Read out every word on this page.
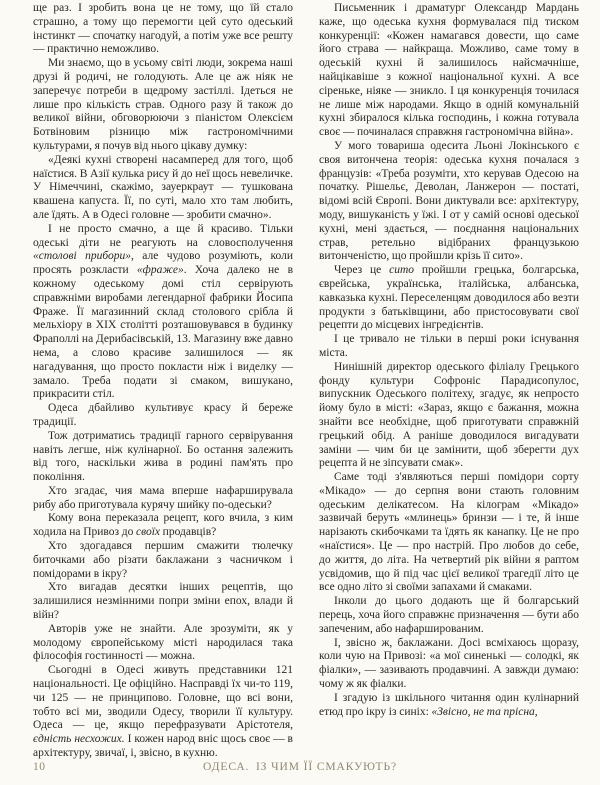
ще раз. І зробить вона це не тому, що їй стало страшно, а тому що перемогти цей суто одеський інстинкт — спочатку нагодуй, а потім уже все решту — практично неможливо.

Ми знаємо, що в усьому світі люди, зокрема наші друзі й родичі, не голодують. Але це аж ніяк не заперечує потреби в щедрому застіллі. Ідеться не лише про кількість страв. Одного разу й також до великої війни, обговорюючи з піаністом Олексієм Ботвіновим різницю між гастрономічними культурами, я почув від нього цікаву думку:

«Деякі кухні створені насамперед для того, щоб наїстися. В Азії кулька рису й до неї щось невеличке. У Німеччині, скажімо, зауеркраут — тушкована квашена капуста. Її, по суті, мало хто там любить, але їдять. А в Одесі головне — зробити смачно».

І не просто смачно, а ще й красиво. Тільки одеські діти не реагують на словосполучення «столові прибори», але чудово розуміють, коли просять розкласти «фраже». Хоча далеко не в кожному одеському домі стіл сервірують справжніми виробами легендарної фабрики Йосипа Фраже. Її магазинний склад столового срібла й мельхіору в XIX столітті розташовувався в будинку Фраполлі на Дерибасівській, 13. Магазину вже давно нема, а слово красиве залишилося — як нагадування, що просто покласти ніж і виделку — замало. Треба подати зі смаком, вишукано, прикрасити стіл.

Одеса дбайливо культивує красу й береже традиції.

Тож дотриматись традиції гарного сервірування навіть легше, ніж кулінарної. Бо остання залежить від того, наскільки жива в родині пам'ять про покоління.

Хто згадає, чия мама вперше нафарширувала рибу або приготувала курячу шийку по-одеськи?

Кому вона переказала рецепт, кого вчила, з ким ходила на Привоз до своїх продавців?

Хто здогадався першим смажити тюлечку биточками або різати баклажани з часничком і помідорами в ікру?

Хто вигадав десятки інших рецептів, що залишилися незмінними попри зміни епох, влади й війн?

Авторів уже не знайти. Але зрозуміти, як у молодому європейському місті народилася така філософія гостинності — можна.

Сьогодні в Одесі живуть представники 121 національності. Це офіційно. Насправді їх чи-то 119, чи 125 — не принципово. Головне, що всі вони, тобто всі ми, зводили Одесу, творили її культуру. Одеса — це, якщо перефразувати Арістотеля, єдність несхожих. І кожен народ вніс щось своє — в архітектуру, звичаї, і, звісно, в кухню.

Письменник і драматург Олександр Мардань каже, що одеська кухня формувалася під тиском конкуренції: «Кожен намагався довести, що саме його страва — найкраща. Можливо, саме тому в одеській кухні й залишилось найсмачніше, найцікавіше з кожної національної кухні. А все сіреньке, ніяке — зникло. І ця конкуренція точилася не лише між народами. Якщо в одній комунальній кухні збиралося кілька господинь, і кожна готувала своє — починалася справжня гастрономічна війна».

У мого товариша одесита Льоні Локінського є своя витончена теорія: одеська кухня почалася з французів: «Треба розуміти, хто керував Одесою на початку. Рішельє, Деволан, Ланжерон — постаті, відомі всій Європі. Вони диктували все: архітектуру, моду, вишуканість у їжі. І от у самій основі одеської кухні, мені здається, — поєднання національних страв, ретельно відібраних французькою витонченістю, що пройшли крізь її сито».

Через це сито пройшли грецька, болгарська, єврейська, українська, італійська, албанська, кавказька кухні. Переселенцям доводилося або везти продукти з батьківщини, або пристосовувати свої рецепти до місцевих інгредієнтів.

І це тривало не тільки в перші роки існування міста.

Нинішній директор одеського філіалу Грецького фонду культури Софроніс Парадисопулос, випускник Одеського політеху, згадує, як непросто йому було в місті: «Зараз, якщо є бажання, можна знайти все необхідне, щоб приготувати справжній грецький обід. А раніше доводилося вигадувати заміни — чим би це замінити, щоб зберегти дух рецепта й не зіпсувати смак».

Саме тоді з'являються перші помідори сорту «Мікадо» — до серпня вони стають головним одеським делікатесом. На кілограм «Мікадо» зазвичай беруть «млинець» бринзи — і те, й інше нарізають скибочками та їдять як канапку. Це не про «наїстися». Це — про настрій. Про любов до себе, до життя, до літа. На четвертий рік війни я раптом усвідомив, що й під час цієї великої трагедії літо це все одно літо зі своїми запахами й смаками.

Інколи до цього додають ще й болгарський перець, хоча його справжнє призначення — бути або запеченим, або нафаршированим.

І, звісно ж, баклажани. Досі всміхаюсь щоразу, коли чую на Привозі: «а мої синенькі — солодкі, як фіалки», — зазивають продавчині. А завжди думаю: чому ж як фіалки.

І згадую із шкільного читання один кулінарний етюд про ікру із синіх: «Звісно, не та прісна,

10	ОДЕСА. ІЗ ЧИМ ЇЇ СМАКУЮТЬ?
